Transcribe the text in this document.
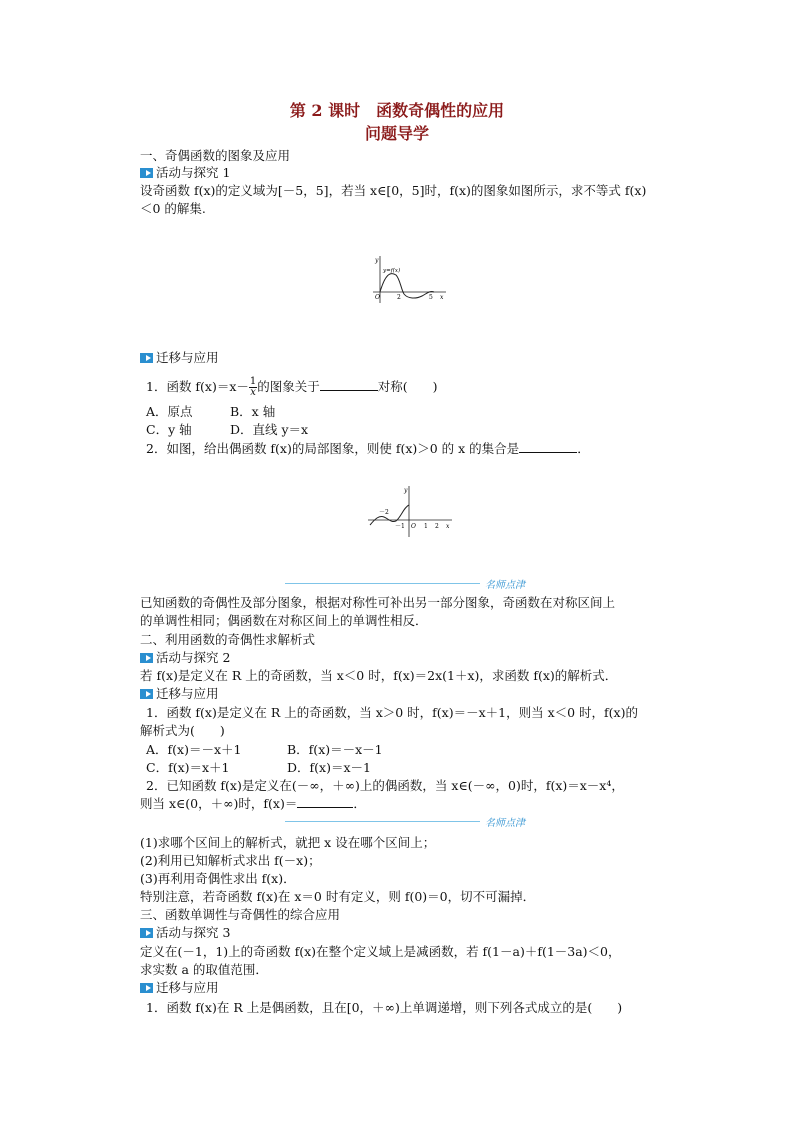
第 2 课时　函数奇偶性的应用
问题导学
一、奇偶函数的图象及应用
活动与探究 1
设奇函数 f(x)的定义域为[－5，5]，若当 x∈[0，5]时，f(x)的图象如图所示，求不等式 f(x)
＜0 的解集.
y
y=f(x)
O	2	5 x
迁移与应用
1．函数 $f(x)=x- \frac{1}{x}$ 的图象关于	对称(　　)
A．原点	B．x 轴
C．y 轴	D．直线 y＝x
2．如图，给出偶函数 f(x)的局部图象，则使 f(x)＞0 的 x 的集合是	．
y
－2
－1 O 1 2 x
名师点津
已知函数的奇偶性及部分图象，根据对称性可补出另一部分图象，奇函数在对称区间上
的单调性相同；偶函数在对称区间上的单调性相反．
二、利用函数的奇偶性求解析式
活动与探究 2
若 f(x)是定义在 R 上的奇函数，当 x＜0 时，f(x)＝2x(1＋x)，求函数 f(x)的解析式．
迁移与应用
1．函数 f(x)是定义在 R 上的奇函数，当 x＞0 时，f(x)＝－x＋1，则当 x＜0 时，f(x)的
解析式为(　　)
A．f(x)＝－x＋1	B．f(x)＝－x－1
C．f(x)＝x＋1	D．f(x)＝x－1
2．已知函数 f(x)是定义在(－∞，＋∞)上的偶函数，当 x∈(－∞，0)时，f(x)＝x－x⁴，
则当 x∈(0，＋∞)时，f(x)＝	．
名师点津
(1)求哪个区间上的解析式，就把 x 设在哪个区间上；
(2)利用已知解析式求出 f(－x)；
(3)再利用奇偶性求出 f(x)．
特别注意，若奇函数 f(x)在 x＝0 时有定义，则 f(0)＝0，切不可漏掉．
三、函数单调性与奇偶性的综合应用
活动与探究 3
定义在(－1，1)上的奇函数 f(x)在整个定义域上是减函数，若 f(1－a)＋f(1－3a)＜0，
求实数 a 的取值范围．
迁移与应用
1．函数 f(x)在 R 上是偶函数，且在[0，＋∞)上单调递增，则下列各式成立的是(　　)
